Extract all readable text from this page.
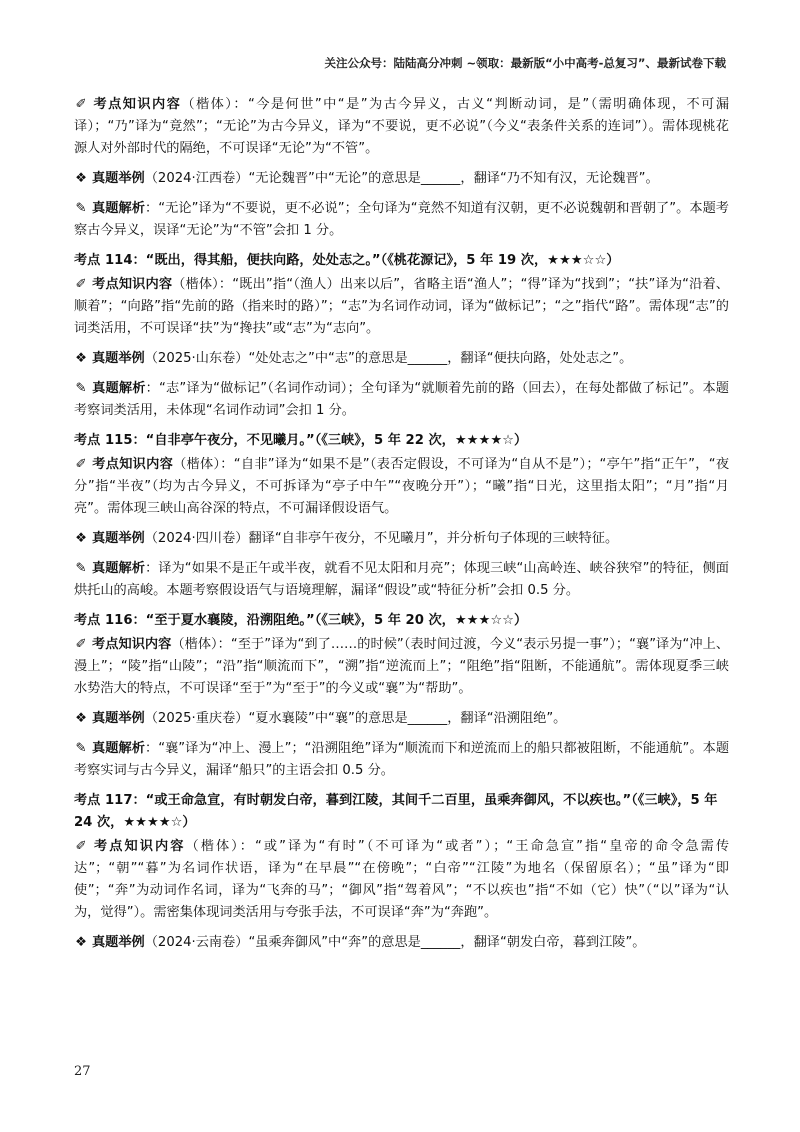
关注公众号：陆陆高分冲刺 ~领取：最新版“小中高考-总复习”、最新试卷下载

✐ 考点知识内容（楷体）：“今是何世”中“是”为古今异义，古义“判断动词，是”（需明确体现，不可漏译）；“乃”译为“竟然”；“无论”为古今异义，译为“不要说，更不必说”（今义“表条件关系的连词”）。需体现桃花源人对外部时代的隔绝，不可误译“无论”为“不管”。

❖ 真题举例（2024·江西卷）“无论魏晋”中“无论”的意思是______，翻译“乃不知有汉，无论魏晋”。

✎ 真题解析：“无论”译为“不要说，更不必说”；全句译为“竟然不知道有汉朝，更不必说魏朝和晋朝了”。本题考察古今异义，误译“无论”为“不管”会扣 1 分。

考点 114：“既出，得其船，便扶向路，处处志之。”（《桃花源记》，5 年 19 次，★★★☆☆）

✐ 考点知识内容（楷体）：“既出”指“（渔人）出来以后”，省略主语“渔人”；“得”译为“找到”；“扶”译为“沿着、顺着”；“向路”指“先前的路（指来时的路）”；“志”为名词作动词，译为“做标记”；“之”指代“路”。需体现“志”的词类活用，不可误译“扶”为“搀扶”或“志”为“志向”。

❖ 真题举例（2025·山东卷）“处处志之”中“志”的意思是______，翻译“便扶向路，处处志之”。

✎ 真题解析：“志”译为“做标记”（名词作动词）；全句译为“就顺着先前的路（回去），在每处都做了标记”。本题考察词类活用，未体现“名词作动词”会扣 1 分。

考点 115：“自非亭午夜分，不见曦月。”（《三峡》，5 年 22 次，★★★★☆）

✐ 考点知识内容（楷体）：“自非”译为“如果不是”（表否定假设，不可译为“自从不是”）；“亭午”指“正午”，“夜分”指“半夜”（均为古今异义，不可拆译为“亭子中午”“夜晚分开”）；“曦”指“日光，这里指太阳”；“月”指“月亮”。需体现三峡山高谷深的特点，不可漏译假设语气。

❖ 真题举例（2024·四川卷）翻译“自非亭午夜分，不见曦月”，并分析句子体现的三峡特征。

✎ 真题解析：译为“如果不是正午或半夜，就看不见太阳和月亮”；体现三峡“山高岭连、峡谷狭窄”的特征，侧面烘托山的高峻。本题考察假设语气与语境理解，漏译“假设”或“特征分析”会扣 0.5 分。

考点 116：“至于夏水襄陵，沿溯阻绝。”（《三峡》，5 年 20 次，★★★☆☆）

✐ 考点知识内容（楷体）：“至于”译为“到了……的时候”（表时间过渡，今义“表示另提一事”）；“襄”译为“冲上、漫上”；“陵”指“山陵”；“沿”指“顺流而下”，“溯”指“逆流而上”；“阻绝”指“阻断，不能通航”。需体现夏季三峡水势浩大的特点，不可误译“至于”为“至于”的今义或“襄”为“帮助”。

❖ 真题举例（2025·重庆卷）“夏水襄陵”中“襄”的意思是______，翻译“沿溯阻绝”。

✎ 真题解析：“襄”译为“冲上、漫上”；“沿溯阻绝”译为“顺流而下和逆流而上的船只都被阻断，不能通航”。本题考察实词与古今异义，漏译“船只”的主语会扣 0.5 分。

考点 117：“或王命急宣，有时朝发白帝，暮到江陵，其间千二百里，虽乘奔御风，不以疾也。”（《三峡》，5 年 24 次，★★★★☆）

✐ 考点知识内容（楷体）：“或”译为“有时”（不可译为“或者”）；“王命急宣”指“皇帝的命令急需传达”；“朝”“暮”为名词作状语，译为“在早晨”“在傍晚”；“白帝”“江陵”为地名（保留原名）；“虽”译为“即使”；“奔”为动词作名词，译为“飞奔的马”；“御风”指“驾着风”；“不以疾也”指“不如（它）快”（“以”译为“认为，觉得”）。需密集体现词类活用与夸张手法，不可误译“奔”为“奔跑”。

❖ 真题举例（2024·云南卷）“虽乘奔御风”中“奔”的意思是______，翻译“朝发白帝，暮到江陵”。

27
